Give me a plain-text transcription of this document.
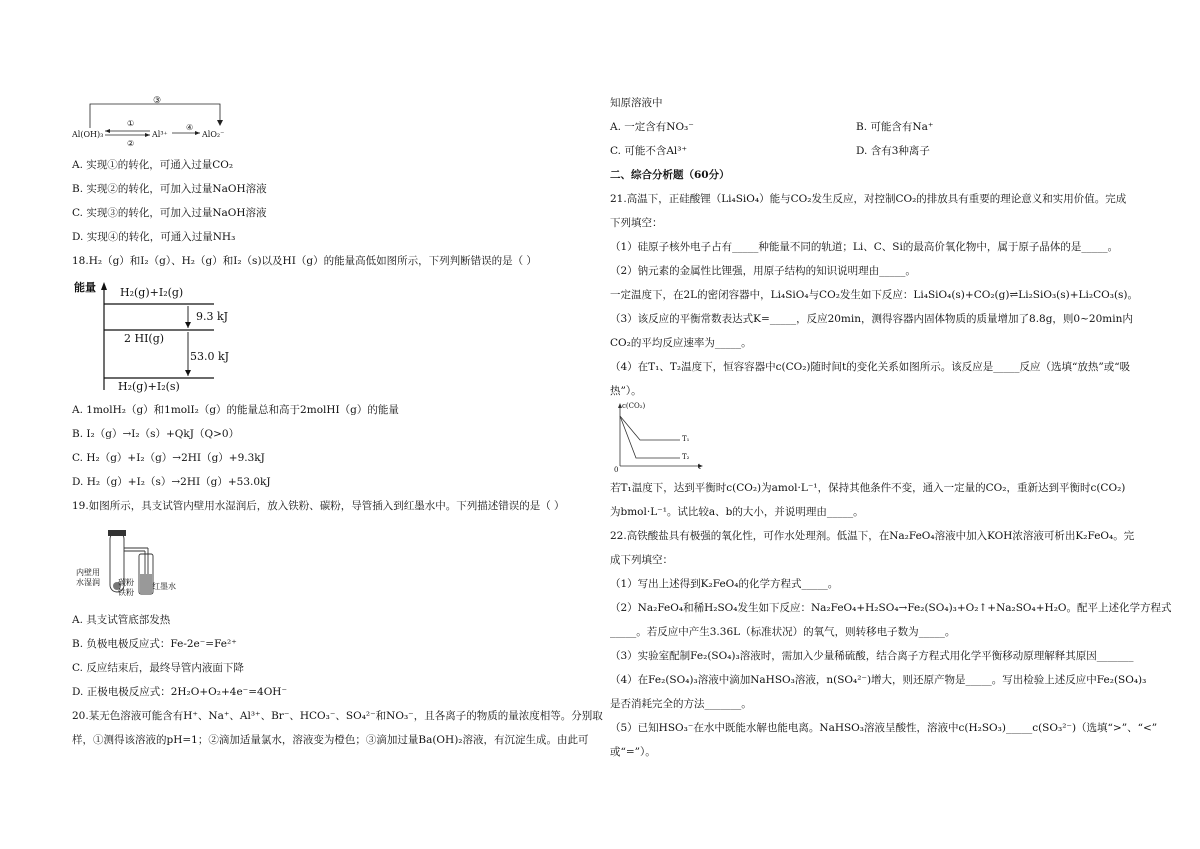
③
①
②
④
Al(OH)₃	Al³⁺	AlO₂⁻
A. 实现①的转化，可通入过量CO₂
B. 实现②的转化，可加入过量NaOH溶液
C. 实现③的转化，可加入过量NaOH溶液
D. 实现④的转化，可通入过量NH₃
18.H₂（g）和I₂（g）、H₂（g）和I₂（s)以及HI（g）的能量高低如图所示，下列判断错误的是（ ）
能量 H₂(g)+I₂(g)
9.3 kJ
2 HI(g)
53.0 kJ
H₂(g)+I₂(s)
A. 1molH₂（g）和1molI₂（g）的能量总和高于2molHI（g）的能量
B. I₂（g）→I₂（s）+QkJ（Q>0）
C. H₂（g）+I₂（g）→2HI（g）+9.3kJ
D. H₂（g）+I₂（s）→2HI（g）+53.0kJ
19.如图所示，具支试管内壁用水湿润后，放入铁粉、碳粉，导管插入到红墨水中。下列描述错误的是（ ）
内壁用
水湿润 碳粉
铁粉
红墨水
A. 具支试管底部发热
B. 负极电极反应式：Fe-2e⁻=Fe²⁺
C. 反应结束后，最终导管内液面下降
D. 正极电极反应式：2H₂O+O₂+4e⁻=4OH⁻
20.某无色溶液可能含有H⁺、Na⁺、Al³⁺、Br⁻、HCO₃⁻、SO₄²⁻和NO₃⁻，且各离子的物质的量浓度相等。分别取
样，①测得该溶液的pH=1；②滴加适量氯水，溶液变为橙色；③滴加过量Ba(OH)₂溶液，有沉淀生成。由此可
知原溶液中
A. 一定含有NO₃⁻	B. 可能含有Na⁺
C. 可能不含Al³⁺	D. 含有3种离子
二、综合分析题（60分）
21.高温下，正硅酸锂（Li₄SiO₄）能与CO₂发生反应，对控制CO₂的排放具有重要的理论意义和实用价值。完成
下列填空：
（1）硅原子核外电子占有_____种能量不同的轨道；Li、C、Si的最高价氧化物中，属于原子晶体的是_____。
（2）钠元素的金属性比锂强，用原子结构的知识说明理由_____。
一定温度下，在2L的密闭容器中，Li₄SiO₄与CO₂发生如下反应：Li₄SiO₄(s)+CO₂(g)⇌Li₂SiO₃(s)+Li₂CO₃(s)。
（3）该反应的平衡常数表达式K=_____，反应20min，测得容器内固体物质的质量增加了8.8g，则0~20min内
CO₂的平均反应速率为_____。
（4）在T₁、T₂温度下，恒容容器中c(CO₂)随时间t的变化关系如图所示。该反应是_____反应（选填“放热”或“吸
热”）。
c(CO₂)
T₁
T₂
0	t
若T₁温度下，达到平衡时c(CO₂)为amol·L⁻¹，保持其他条件不变，通入一定量的CO₂，重新达到平衡时c(CO₂)
为bmol·L⁻¹。试比较a、b的大小，并说明理由_____。
22.高铁酸盐具有极强的氧化性，可作水处理剂。低温下，在Na₂FeO₄溶液中加入KOH浓溶液可析出K₂FeO₄。完
成下列填空：
（1）写出上述得到K₂FeO₄的化学方程式_____。
（2）Na₂FeO₄和稀H₂SO₄发生如下反应：Na₂FeO₄+H₂SO₄→Fe₂(SO₄)₃+O₂↑+Na₂SO₄+H₂O。配平上述化学方程式
_____。若反应中产生3.36L（标准状况）的氧气，则转移电子数为_____。
（3）实验室配制Fe₂(SO₄)₃溶液时，需加入少量稀硫酸，结合离子方程式用化学平衡移动原理解释其原因_______
（4）在Fe₂(SO₄)₃溶液中滴加NaHSO₃溶液，n(SO₄²⁻)增大，则还原产物是_____。写出检验上述反应中Fe₂(SO₄)₃
是否消耗完全的方法_______。
（5）已知HSO₃⁻在水中既能水解也能电离。NaHSO₃溶液呈酸性，溶液中c(H₂SO₃)_____c(SO₃²⁻)（选填“>”、“<”
或“=”）。
